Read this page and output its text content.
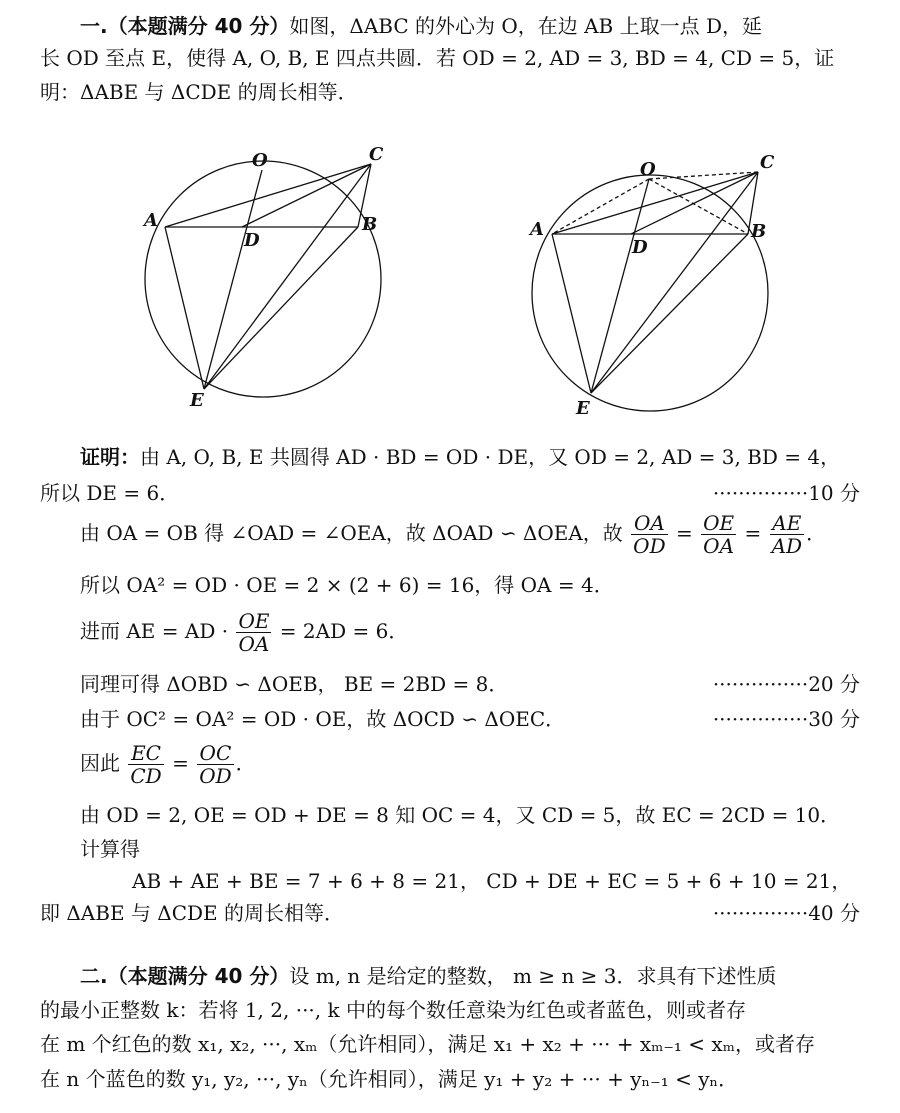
一.（本题满分 40 分）如图，ΔABC 的外心为 O，在边 AB 上取一点 D，延
长 OD 至点 E，使得 A, O, B, E 四点共圆．若 OD = 2, AD = 3, BD = 4, CD = 5，证
明：ΔABE 与 ΔCDE 的周长相等．
O	C
A	B
D
E
O	C
A	B
D
E
证明：由 A, O, B, E 共圆得 AD · BD = OD · DE，又 OD = 2, AD = 3, BD = 4，
所以 DE = 6．	···············10 分
由 OA = OB 得 ∠OAD = ∠OEA，故 ΔOAD ∽ ΔOEA，故 $\frac{OA}{OD} = \frac{OE}{OA} = \frac{AE}{AD}$ ．
所以 OA² = OD · OE = 2 × (2 + 6) = 16，得 OA = 4．
进而 AE = AD · $\frac{OE}{OA} = 2AD = 6$．
同理可得 ΔOBD ∽ ΔOEB， BE = 2BD = 8．	···············20 分
由于 OC² = OA² = OD · OE，故 ΔOCD ∽ ΔOEC．	···············30 分
因此 $\frac{EC}{CD} = \frac{OC}{OD}$ ．
由 OD = 2, OE = OD + DE = 8 知 OC = 4，又 CD = 5，故 EC = 2CD = 10．
计算得
AB + AE + BE = 7 + 6 + 8 = 21， CD + DE + EC = 5 + 6 + 10 = 21，
即 ΔABE 与 ΔCDE 的周长相等．	···············40 分
二.（本题满分 40 分）设 m, n 是给定的整数， m ≥ n ≥ 3．求具有下述性质
的最小正整数 k：若将 1, 2, ···, k 中的每个数任意染为红色或者蓝色，则或者存
在 m 个红色的数 x₁, x₂, ···, xₘ（允许相同），满足 x₁ + x₂ + ··· + xₘ₋₁ < xₘ，或者存
在 n 个蓝色的数 y₁, y₂, ···, yₙ（允许相同），满足 y₁ + y₂ + ··· + yₙ₋₁ < yₙ．
